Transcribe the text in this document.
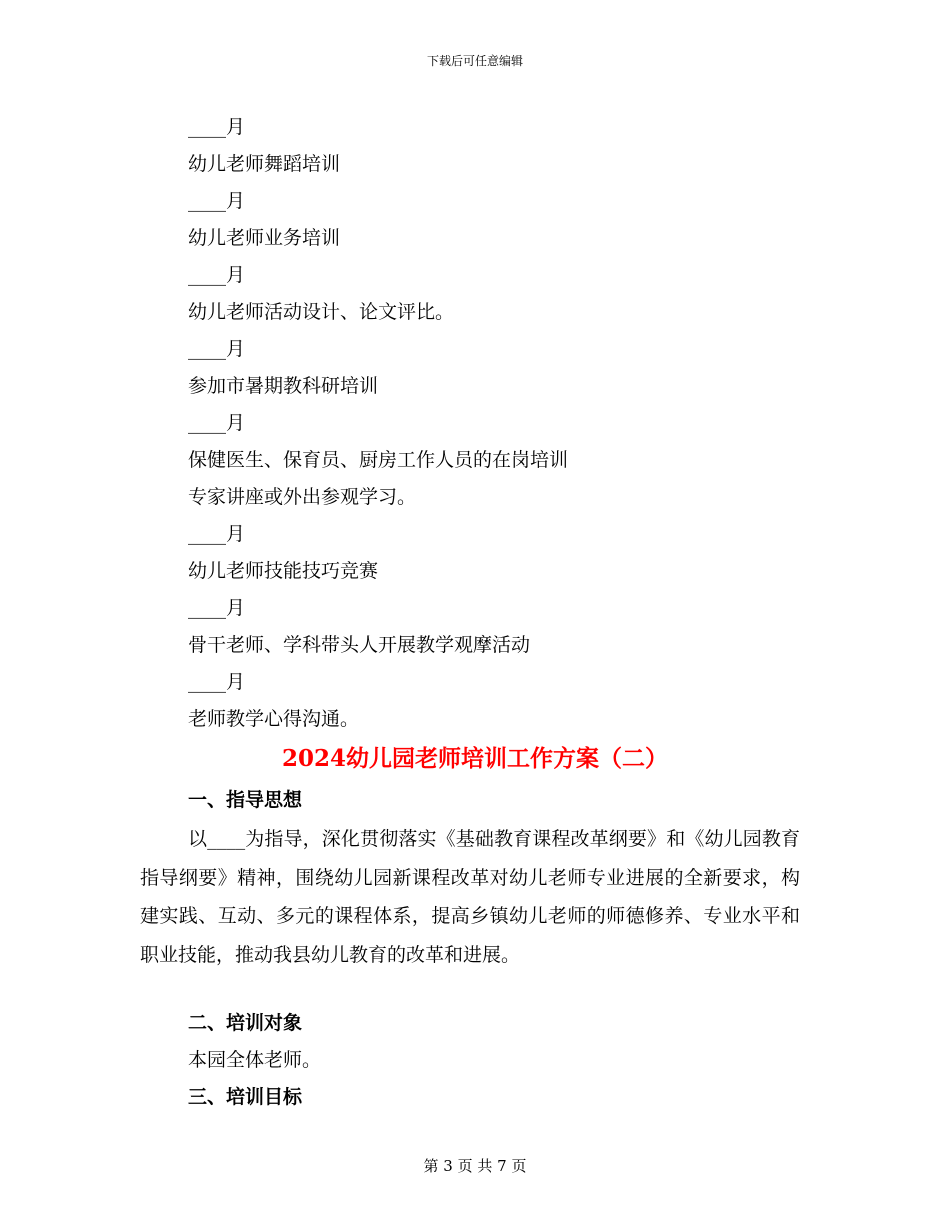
下载后可任意编辑
____月
幼儿老师舞蹈培训
____月
幼儿老师业务培训
____月
幼儿老师活动设计、论文评比。
____月
参加市暑期教科研培训
____月
保健医生、保育员、厨房工作人员的在岗培训
专家讲座或外出参观学习。
____月
幼儿老师技能技巧竞赛
____月
骨干老师、学科带头人开展教学观摩活动
____月
老师教学心得沟通。
2024幼儿园老师培训工作方案（二）
一、指导思想
以____为指导，深化贯彻落实《基础教育课程改革纲要》和《幼儿园教育指导纲要》精神，围绕幼儿园新课程改革对幼儿老师专业进展的全新要求，构建实践、互动、多元的课程体系，提高乡镇幼儿老师的师德修养、专业水平和职业技能，推动我县幼儿教育的改革和进展。
二、培训对象
本园全体老师。
三、培训目标
第 3 页 共 7 页
